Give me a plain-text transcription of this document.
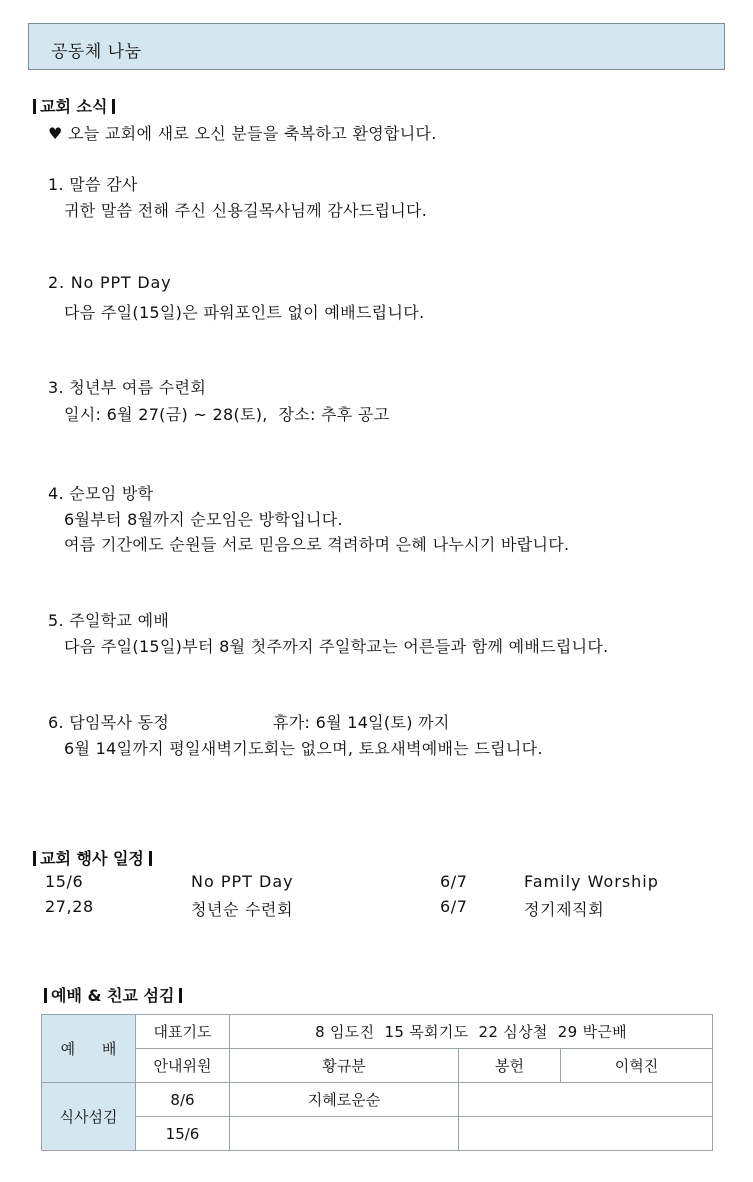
공동체 나눔
교회 소식
♥ 오늘 교회에 새로 오신 분들을 축복하고 환영합니다.
1. 말씀 감사
귀한 말씀 전해 주신 신용길목사님께 감사드립니다.
2. No PPT Day
다음 주일(15일)은 파워포인트 없이 예배드립니다.
3. 청년부 여름 수련회
일시: 6월 27(금) ~ 28(토),  장소: 추후 공고
4. 순모임 방학
6월부터 8월까지 순모임은 방학입니다.
여름 기간에도 순원들 서로 믿음으로 격려하며 은혜 나누시기 바랍니다.
5. 주일학교 예배
다음 주일(15일)부터 8월 첫주까지 주일학교는 어른들과 함께 예배드립니다.
6. 담임목사 동정	휴가: 6월 14일(토) 까지
6월 14일까지 평일새벽기도회는 없으며, 토요새벽예배는 드립니다.
교회 행사 일정
15/6	No PPT Day	6/7	Family Worship
27,28	청년순 수련회	6/7	정기제직회
예배 & 친교 섬김
예 배	대표기도	8 임도진  15 목회기도  22 심상철  29 박근배		
	안내위원	황규분	봉헌	이혁진
식사섬김	8/6	지혜로운순		
	15/6			
